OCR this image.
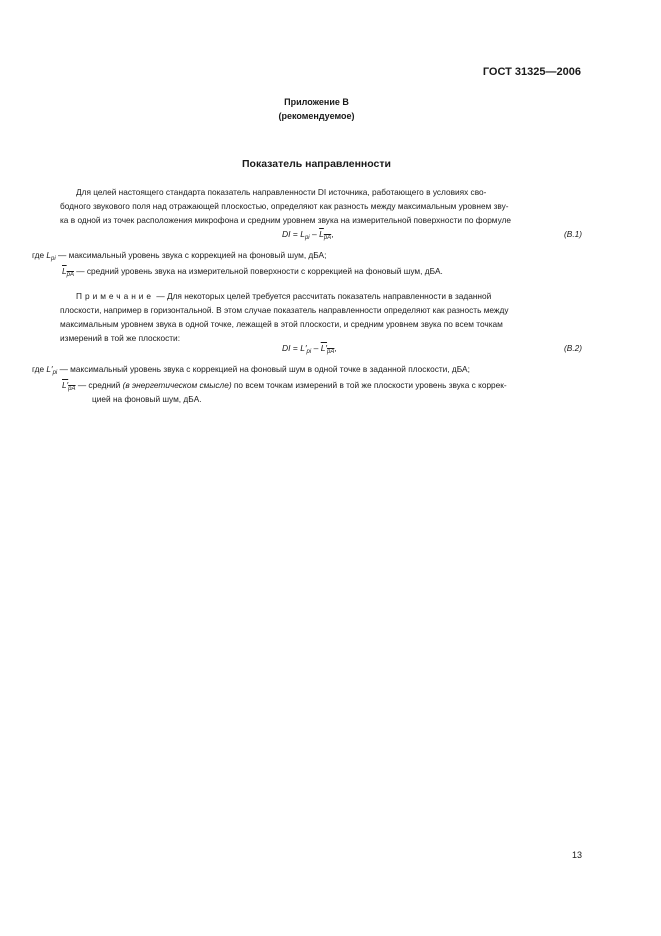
ГОСТ 31325—2006
Приложение В
(рекомендуемое)
Показатель направленности
Для целей настоящего стандарта показатель направленности DI источника, работающего в условиях сво-
бодного звукового поля над отражающей плоскостью, определяют как разность между максимальным уровнем зву-
ка в одной из точек расположения микрофона и средним уровнем звука на измерительной поверхности по формуле
DI = $L_{pi} - L_{pA}$,	(В.1)
где $L_{pi}$ — максимальный уровень звука с коррекцией на фоновый шум, дБА;
$L_{pA}$ — средний уровень звука на измерительной поверхности с коррекцией на фоновый шум, дБA.
Примечание — Для некоторых целей требуется рассчитать показатель направленности в заданной
плоскости, например в горизонтальной. В этом случае показатель направленности определяют как разность между
максимальным уровнем звука в одной точке, лежащей в этой плоскости, и средним уровнем звука по всем точкам
измерений в той же плоскости:
DI = $L'_{pi} - L'_{pA}$,	(В.2)
где $L'_{pi}$ — максимальный уровень звука с коррекцией на фоновый шум в одной точке в заданной плоскости, дБА;
$L'_{pA}$ — средний (в энергетическом смысле) по всем точкам измерений в той же плоскости уровень звука с коррек-
цией на фоновый шум, дБA.
13
